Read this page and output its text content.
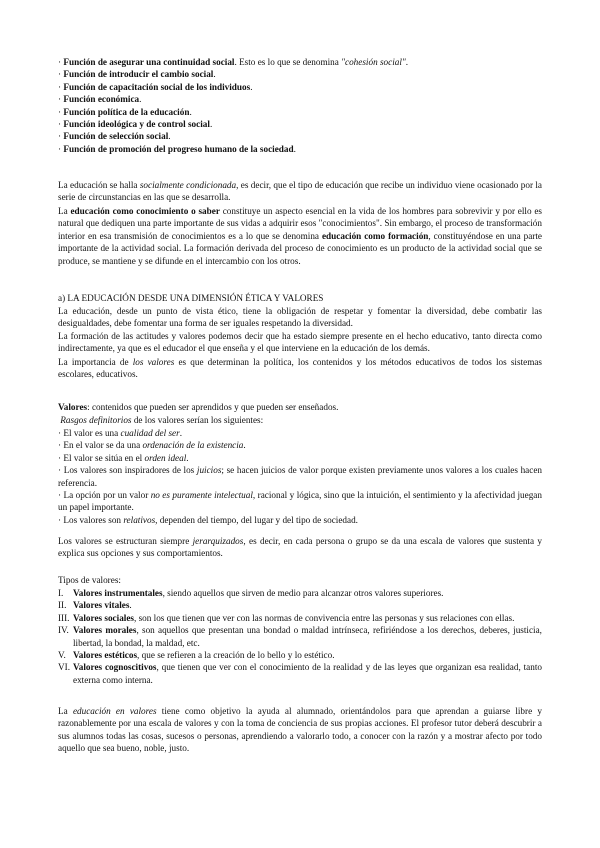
· Función de asegurar una continuidad social. Esto es lo que se denomina "cohesión social".
· Función de introducir el cambio social.
· Función de capacitación social de los individuos.
· Función económica.
· Función política de la educación.
· Función ideológica y de control social.
· Función de selección social.
· Función de promoción del progreso humano de la sociedad.

La educación se halla socialmente condicionada, es decir, que el tipo de educación que recibe un individuo viene ocasionado por la serie de circunstancias en las que se desarrolla.

La educación como conocimiento o saber constituye un aspecto esencial en la vida de los hombres para sobrevivir y por ello es natural que dediquen una parte importante de sus vidas a adquirir esos "conocimientos". Sin embargo, el proceso de transformación interior en esa transmisión de conocimientos es a lo que se denomina educación como formación, constituyéndose en una parte importante de la actividad social. La formación derivada del proceso de conocimiento es un producto de la actividad social que se produce, se mantiene y se difunde en el intercambio con los otros.

a) LA EDUCACIÓN DESDE UNA DIMENSIÓN ÉTICA Y VALORES

La educación, desde un punto de vista ético, tiene la obligación de respetar y fomentar la diversidad, debe combatir las desigualdades, debe fomentar una forma de ser iguales respetando la diversidad.

La formación de las actitudes y valores podemos decir que ha estado siempre presente en el hecho educativo, tanto directa como indirectamente, ya que es el educador el que enseña y el que interviene en la educación de los demás.

La importancia de los valores es que determinan la política, los contenidos y los métodos educativos de todos los sistemas escolares, educativos.

Valores: contenidos que pueden ser aprendidos y que pueden ser enseñados.

Rasgos definitorios de los valores serían los siguientes:

· El valor es una cualidad del ser.

· En el valor se da una ordenación de la existencia.

· El valor se sitúa en el orden ideal.

· Los valores son inspiradores de los juicios; se hacen juicios de valor porque existen previamente unos valores a los cuales hacen referencia.

· La opción por un valor no es puramente intelectual, racional y lógica, sino que la intuición, el sentimiento y la afectividad juegan un papel importante.

· Los valores son relativos, dependen del tiempo, del lugar y del tipo de sociedad.

Los valores se estructuran siempre jerarquizados, es decir, en cada persona o grupo se da una escala de valores que sustenta y explica sus opciones y sus comportamientos.

Tipos de valores:
I.	Valores instrumentales, siendo aquellos que sirven de medio para alcanzar otros valores superiores.
II. Valores vitales.
III. Valores sociales, son los que tienen que ver con las normas de convivencia entre las personas y sus relaciones con ellas.
IV. Valores morales, son aquellos que presentan una bondad o maldad intrínseca, refiriéndose a los derechos, deberes, justicia, libertad, la bondad, la maldad, etc.
V. Valores estéticos, que se refieren a la creación de lo bello y lo estético.
VI. Valores cognoscitivos, que tienen que ver con el conocimiento de la realidad y de las leyes que organizan esa realidad, tanto externa como interna.

La educación en valores tiene como objetivo la ayuda al alumnado, orientándolos para que aprendan a guiarse libre y razonablemente por una escala de valores y con la toma de conciencia de sus propias acciones. El profesor tutor deberá descubrir a sus alumnos todas las cosas, sucesos o personas, aprendiendo a valorarlo todo, a conocer con la razón y a mostrar afecto por todo aquello que sea bueno, noble, justo.
